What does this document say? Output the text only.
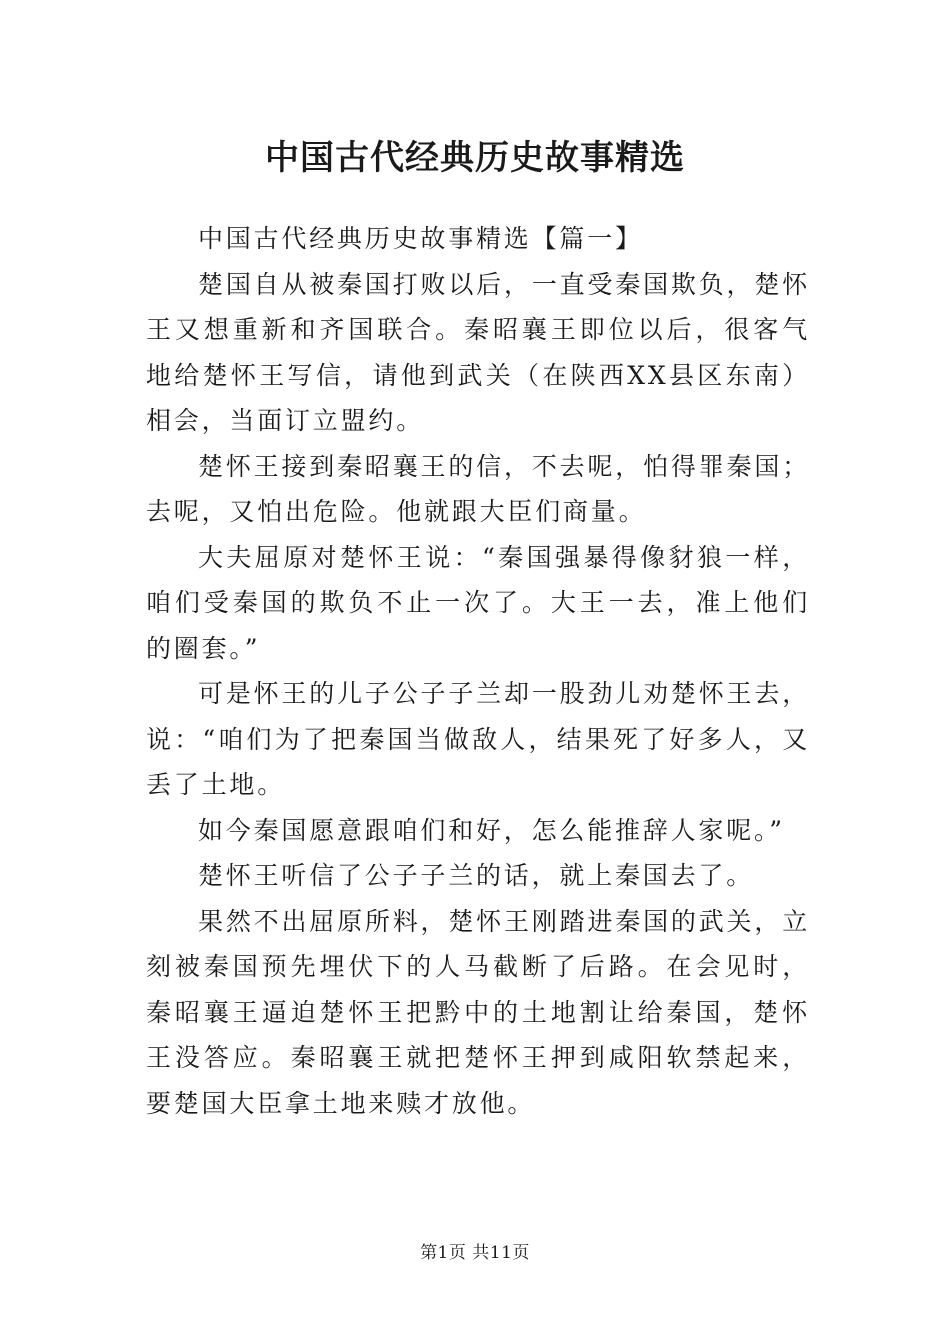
中国古代经典历史故事精选

中国古代经典历史故事精选【篇一】

楚国自从被秦国打败以后，一直受秦国欺负，楚怀王又想重新和齐国联合。秦昭襄王即位以后，很客气地给楚怀王写信，请他到武关（在陕西XX县区东南）相会，当面订立盟约。

楚怀王接到秦昭襄王的信，不去呢，怕得罪秦国；去呢，又怕出危险。他就跟大臣们商量。

大夫屈原对楚怀王说：“秦国强暴得像豺狼一样，咱们受秦国的欺负不止一次了。大王一去，准上他们的圈套。”

可是怀王的儿子公子子兰却一股劲儿劝楚怀王去，说：“咱们为了把秦国当做敌人，结果死了好多人，又丢了土地。

如今秦国愿意跟咱们和好，怎么能推辞人家呢。”

楚怀王听信了公子子兰的话，就上秦国去了。

果然不出屈原所料，楚怀王刚踏进秦国的武关，立刻被秦国预先埋伏下的人马截断了后路。在会见时，秦昭襄王逼迫楚怀王把黔中的土地割让给秦国，楚怀王没答应。秦昭襄王就把楚怀王押到咸阳软禁起来，要楚国大臣拿土地来赎才放他。

第1页 共11页
